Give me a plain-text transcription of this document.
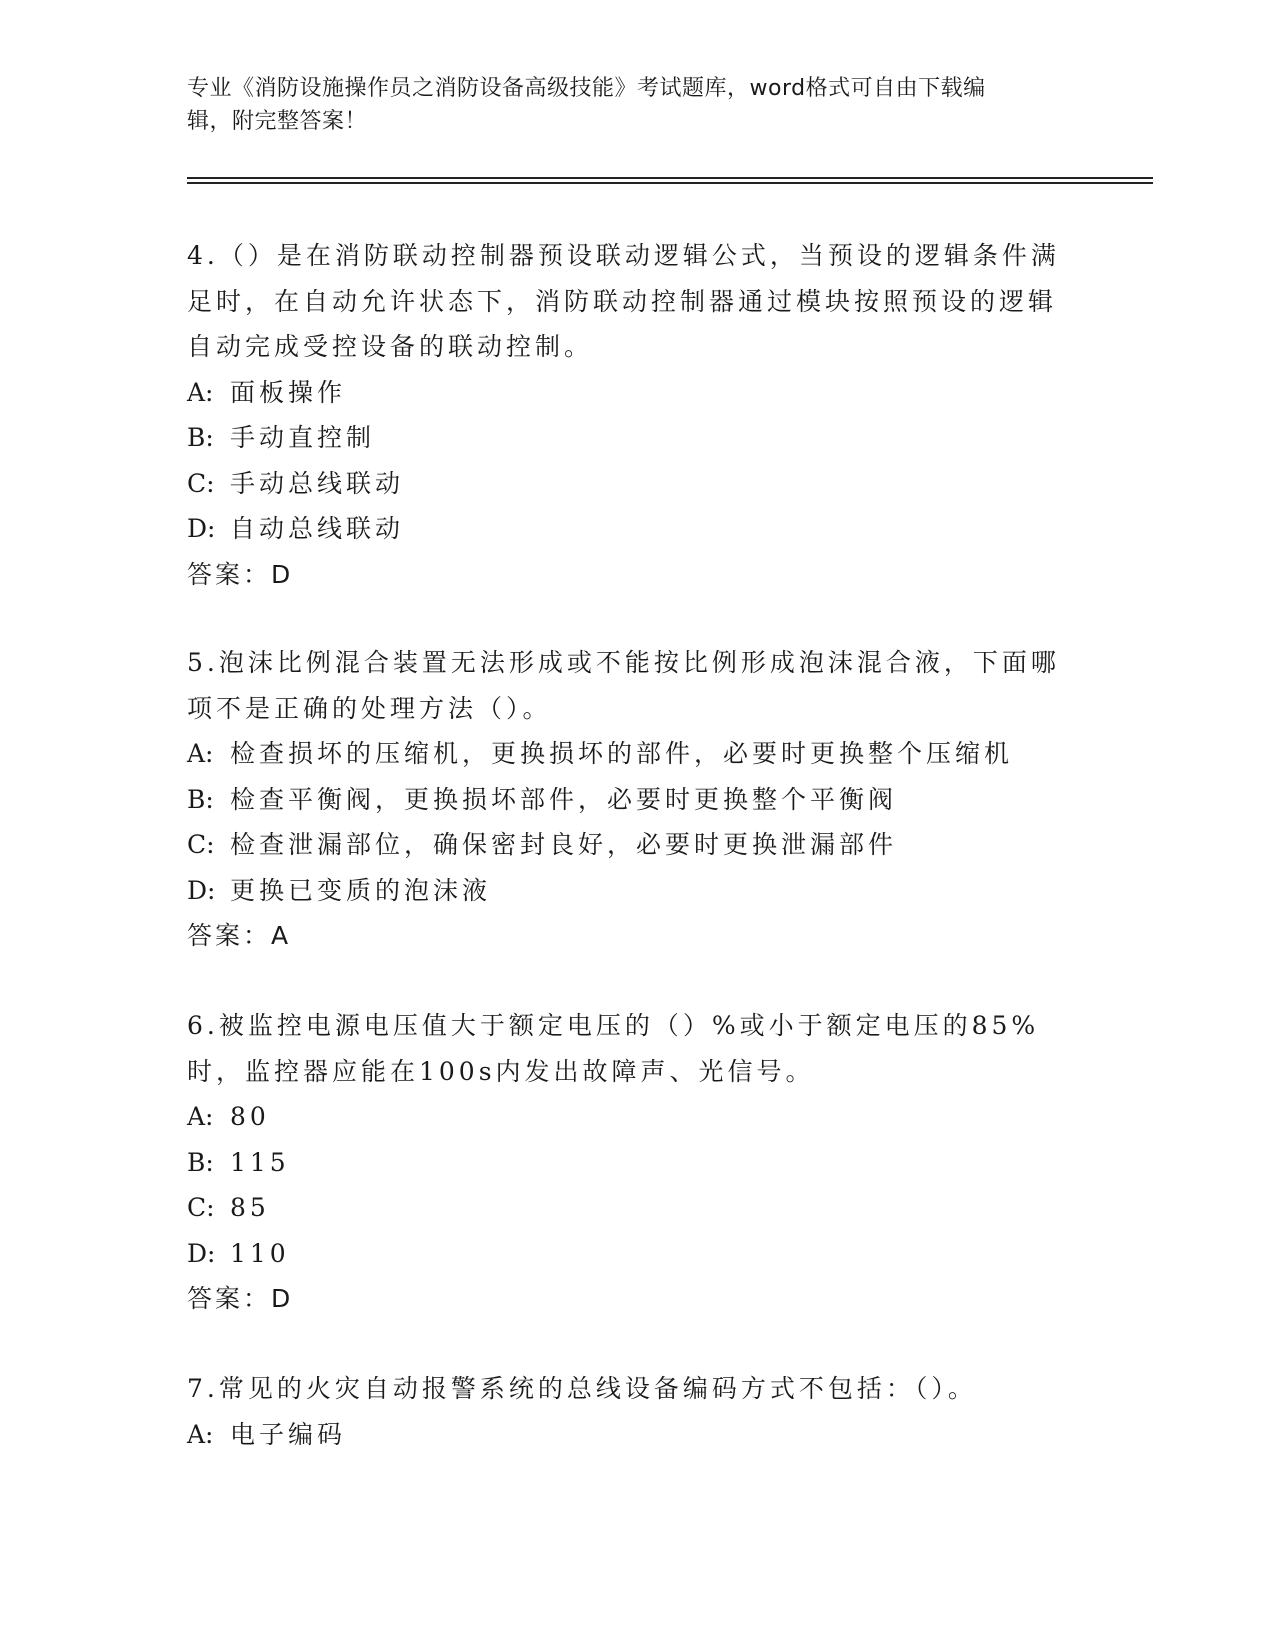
专业《消防设施操作员之消防设备高级技能》考试题库，word格式可自由下载编
辑，附完整答案！

4.（）是在消防联动控制器预设联动逻辑公式，当预设的逻辑条件满足时，在自动允许状态下，消防联动控制器通过模块按照预设的逻辑自动完成受控设备的联动控制。

A: 面板操作

B: 手动直控制

C: 手动总线联动

D: 自动总线联动

答案：D

5.泡沫比例混合装置无法形成或不能按比例形成泡沫混合液，下面哪项不是正确的处理方法（）。

A: 检查损坏的压缩机，更换损坏的部件，必要时更换整个压缩机

B: 检查平衡阀，更换损坏部件，必要时更换整个平衡阀

C: 检查泄漏部位，确保密封良好，必要时更换泄漏部件

D: 更换已变质的泡沫液

答案：A

6.被监控电源电压值大于额定电压的（）%或小于额定电压的85%时，监控器应能在100s内发出故障声、光信号。

A: 80

B: 115

C: 85

D: 110

答案：D

7.常见的火灾自动报警系统的总线设备编码方式不包括：（）。

A: 电子编码
